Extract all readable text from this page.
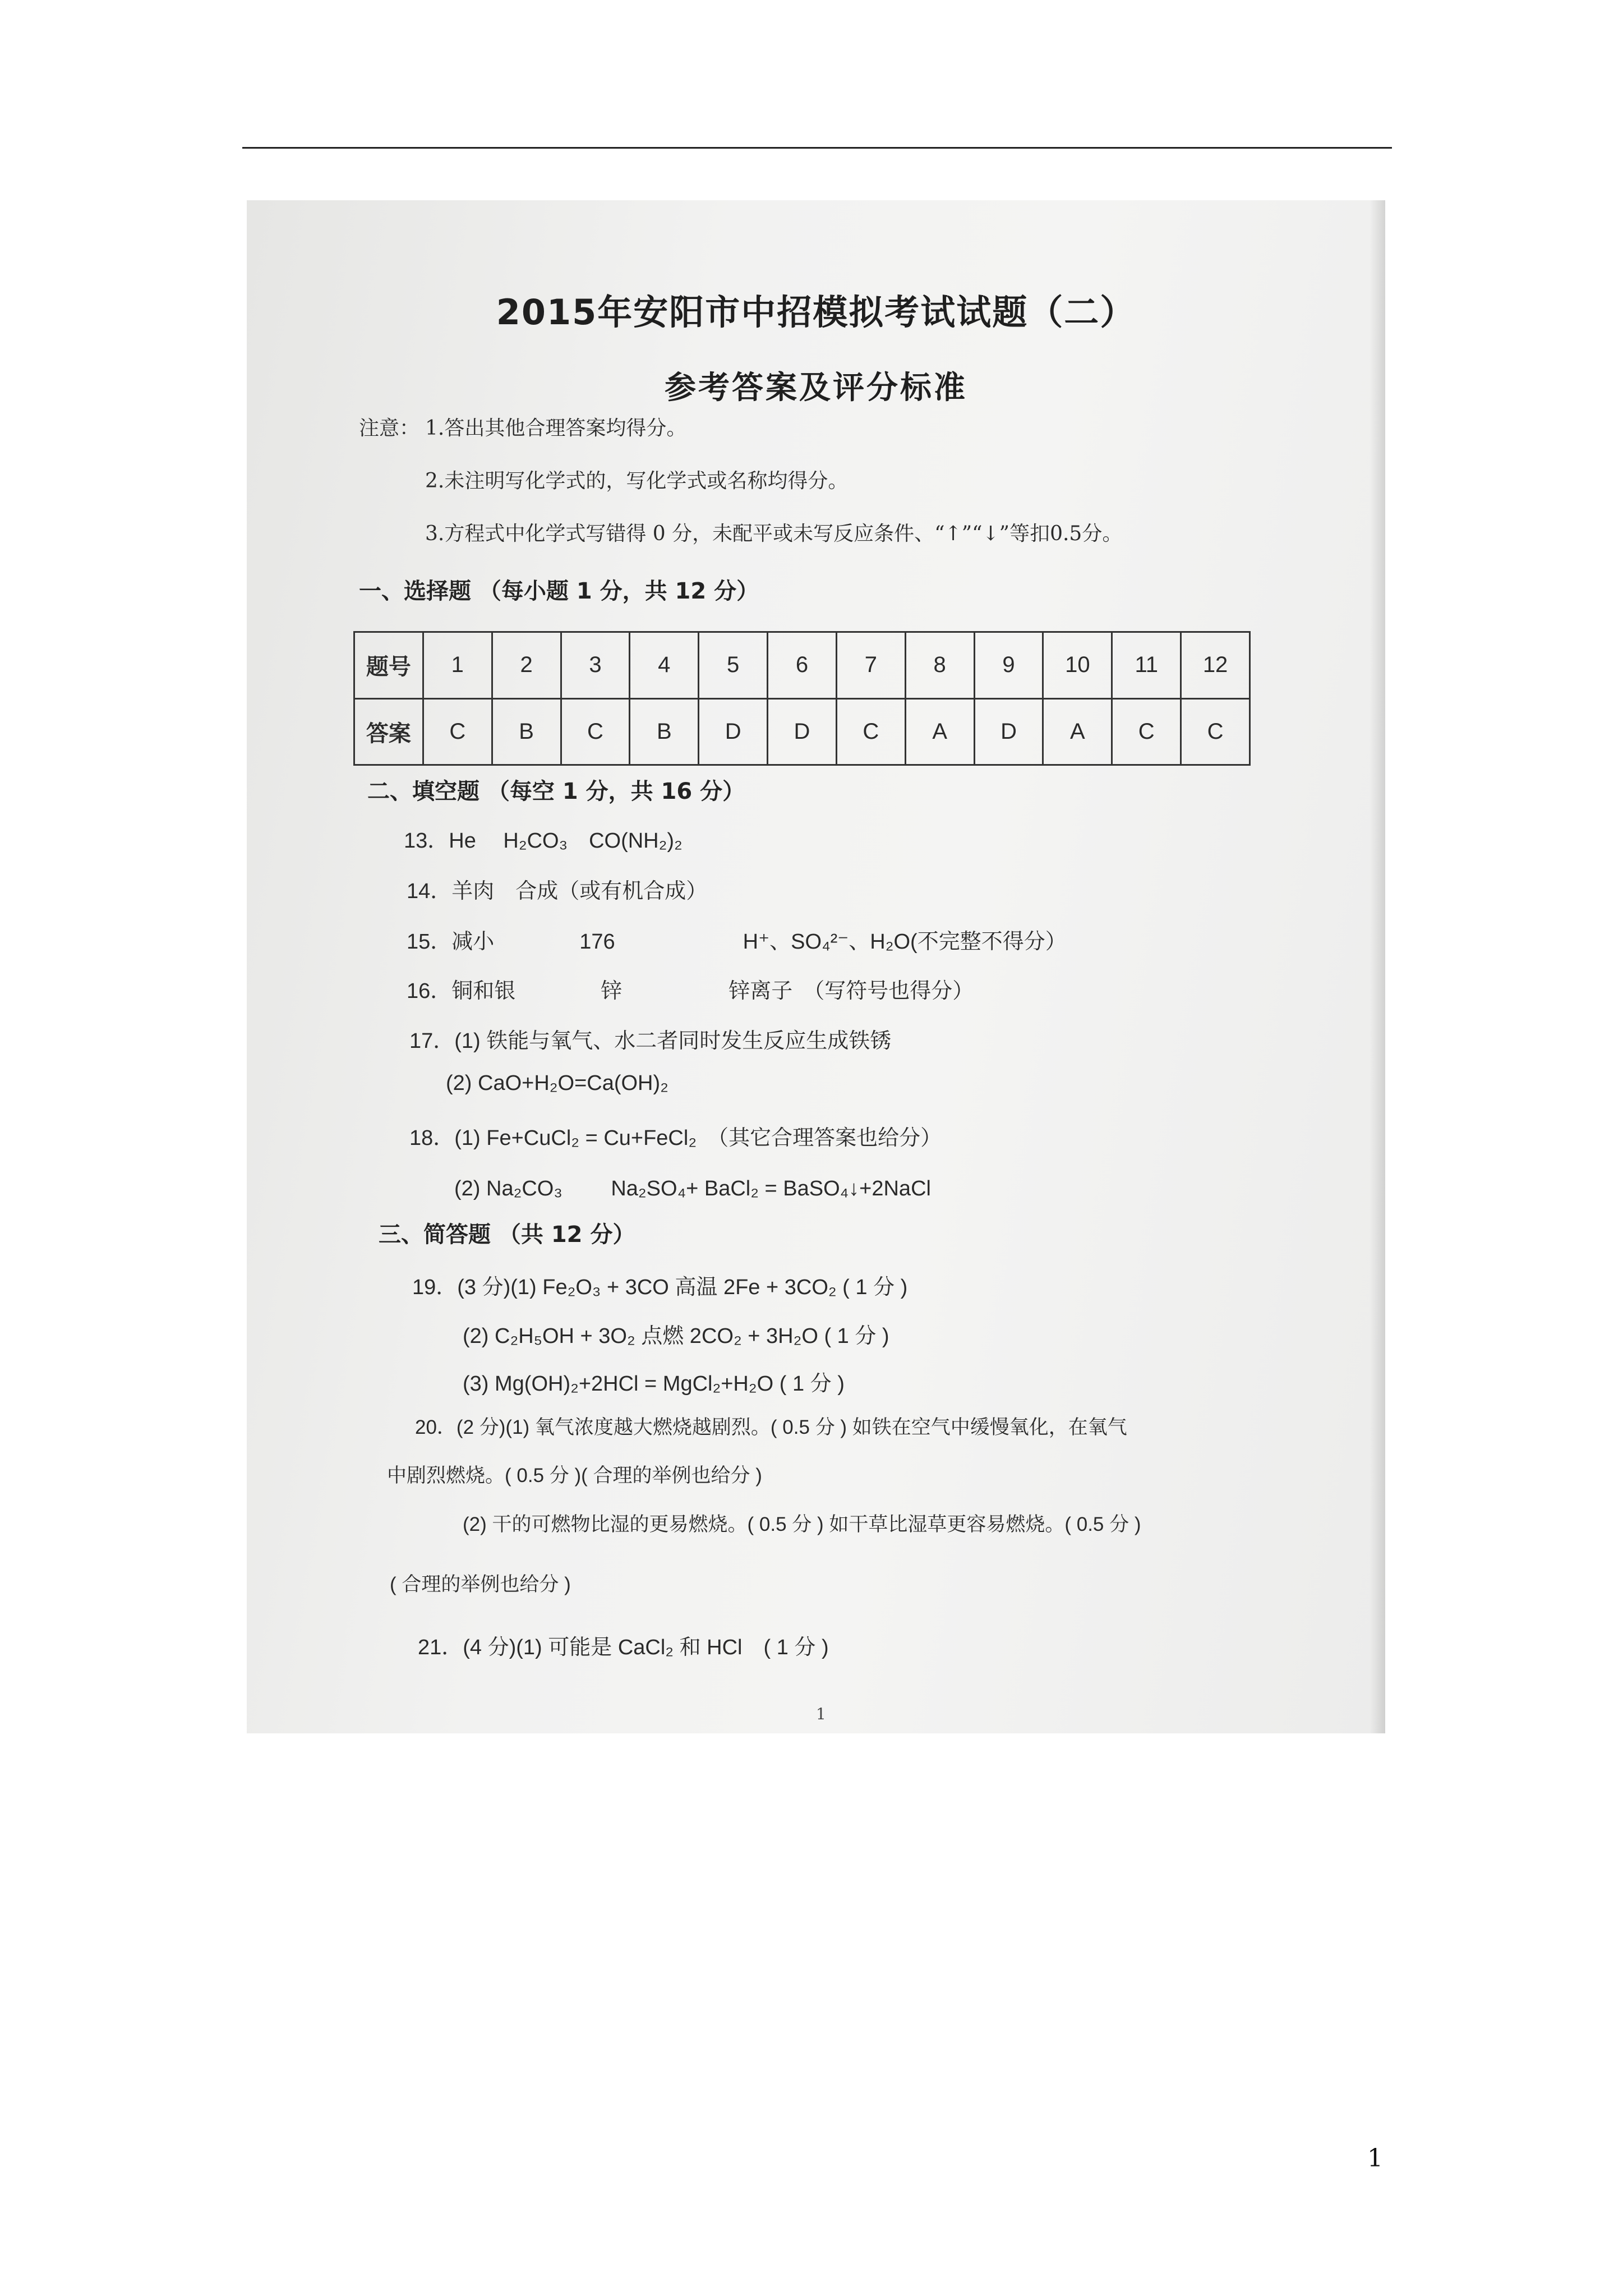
2015年安阳市中招模拟考试试题（二）
参考答案及评分标准
注意： 1.答出其他合理答案均得分。
2.未注明写化学式的，写化学式或名称均得分。
3.方程式中化学式写错得 0 分，未配平或未写反应条件、“↑”“↓”等扣0.5分。
一、选择题 （每小题 1 分，共 12 分）
题号	1	2	3	4	5	6	7	8	9	10	11	12
答案	C	B	C	B	D	D	C	A	D	A	C	C
二、填空题 （每空 1 分，共 16 分）
13．He　 H₂CO₃　CO(NH₂)₂
14．羊肉　合成（或有机合成）
15．减小　　　　176　　　　　　H⁺、SO₄²⁻、H₂O(不完整不得分）
16．铜和银　　　　锌　　　　　锌离子　（写符号也得分）
17．(1) 铁能与氧气、水二者同时发生反应生成铁锈
(2) CaO+H₂O=Ca(OH)₂
18．(1) Fe+CuCl₂ = Cu+FeCl₂　（其它合理答案也给分）
(2) Na₂CO₃　　 Na₂SO₄+ BaCl₂ = BaSO₄↓+2NaCl
三、简答题 （共 12 分）
19．(3 分)(1) Fe₂O₃ + 3CO 高温 2Fe + 3CO₂ ( 1 分 )
(2) C₂H₅OH + 3O₂ 点燃 2CO₂ + 3H₂O ( 1 分 )
(3) Mg(OH)₂+2HCl = MgCl₂+H₂O ( 1 分 )
20．(2 分)(1) 氧气浓度越大燃烧越剧烈。( 0.5 分 ) 如铁在空气中缓慢氧化，在氧气
中剧烈燃烧。( 0.5 分 )( 合理的举例也给分 )
(2) 干的可燃物比湿的更易燃烧。( 0.5 分 ) 如干草比湿草更容易燃烧。( 0.5 分 )
( 合理的举例也给分 )
21．(4 分)(1) 可能是 CaCl₂ 和 HCl　( 1 分 )
1
1
